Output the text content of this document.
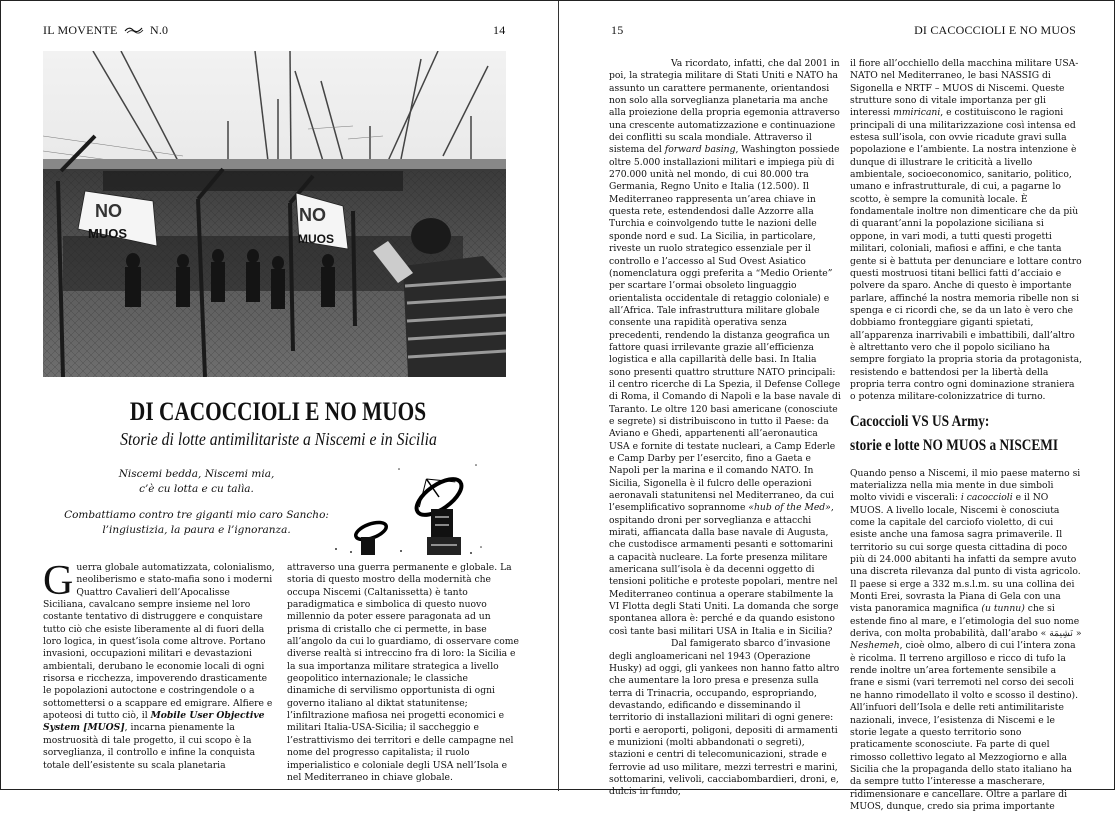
IL MOVENTE	N.0	14
NO
MUOS
NO
MUOS
DI CACOCCIOLI E NO MUOS
Storie di lotte antimilitariste a Niscemi e in Sicilia

Niscemi bedda, Niscemi mia,
c’è cu lotta e cu talìa.

Combattiamo contro tre giganti mio caro Sancho:
l’ingiustizia, la paura e l’ignoranza.

Guerra globale automatizzata, colonialismo, neoliberismo e stato-mafia sono i moderni Quattro Cavalieri dell’Apocalisse Siciliana, cavalcano sempre insieme nel loro costante tentativo di distruggere e conquistare tutto ciò che esiste liberamente al di fuori della loro logica, in quest’isola come altrove. Portano invasioni, occupazioni militari e devastazioni ambientali, derubano le economie locali di ogni risorsa e ricchezza, impoverendo drasticamente le popolazioni autoctone e costringendole o a sottomettersi o a scappare ed emigrare. Alfiere e apoteosi di tutto ciò, il Mobile User Objective System [MUOS], incarna pienamente la mostruosità di tale progetto, il cui scopo è la sorveglianza, il controllo e infine la conquista totale dell’esistente su scala planetaria

attraverso una guerra permanente e globale. La storia di questo mostro della modernità che occupa Niscemi (Caltanissetta) è tanto paradigmatica e simbolica di questo nuovo millennio da poter essere paragonata ad un prisma di cristallo che ci permette, in base all’angolo da cui lo guardiamo, di osservare come diverse realtà si intreccino fra di loro: la Sicilia e la sua importanza militare strategica a livello geopolitico internazionale; le classiche dinamiche di servilismo opportunista di ogni governo italiano al diktat statunitense; l’infiltrazione mafiosa nei progetti economici e militari Italia-USA-Sicilia; il saccheggio e l’estrattivismo dei territori e delle campagne nel nome del progresso capitalista; il ruolo imperialistico e coloniale degli USA nell’Isola e nel Mediterraneo in chiave globale.

15	DI CACOCCIOLI E NO MUOS

Va ricordato, infatti, che dal 2001 in poi, la strategia militare di Stati Uniti e NATO ha assunto un carattere permanente, orientandosi non solo alla sorveglianza planetaria ma anche alla proiezione della propria egemonia attraverso una crescente automatizzazione e continuazione dei conflitti su scala mondiale. Attraverso il sistema del forward basing, Washington possiede oltre 5.000 installazioni militari e impiega più di 270.000 unità nel mondo, di cui 80.000 tra Germania, Regno Unito e Italia (12.500). Il Mediterraneo rappresenta un’area chiave in questa rete, estendendosi dalle Azzorre alla Turchia e coinvolgendo tutte le nazioni delle sponde nord e sud. La Sicilia, in particolare, riveste un ruolo strategico essenziale per il controllo e l’accesso al Sud Ovest Asiatico (nomenclatura oggi preferita a “Medio Oriente” per scartare l’ormai obsoleto linguaggio orientalista occidentale di retaggio coloniale) e all’Africa. Tale infrastruttura militare globale consente una rapidità operativa senza precedenti, rendendo la distanza geografica un fattore quasi irrilevante grazie all’efficienza logistica e alla capillarità delle basi. In Italia sono presenti quattro strutture NATO principali: il centro ricerche di La Spezia, il Defense College di Roma, il Comando di Napoli e la base navale di Taranto. Le oltre 120 basi americane (conosciute e segrete) si distribuiscono in tutto il Paese: da Aviano e Ghedi, appartenenti all’aeronautica USA e fornite di testate nucleari, a Camp Ederle e Camp Darby per l’esercito, fino a Gaeta e Napoli per la marina e il comando NATO. In Sicilia, Sigonella è il fulcro delle operazioni aeronavali statunitensi nel Mediterraneo, da cui l’esemplificativo soprannome «hub of the Med», ospitando droni per sorveglianza e attacchi mirati, affiancata dalla base navale di Augusta, che custodisce armamenti pesanti e sottomarini a capacità nucleare. La forte presenza militare americana sull’isola è da decenni oggetto di tensioni politiche e proteste popolari, mentre nel Mediterraneo continua a operare stabilmente la VI Flotta degli Stati Uniti. La domanda che sorge spontanea allora è: perché e da quando esistono così tante basi militari USA in Italia e in Sicilia?

Dal famigerato sbarco d’invasione degli angloamericani nel 1943 (Operazione Husky) ad oggi, gli yankees non hanno fatto altro che aumentare la loro presa e presenza sulla terra di Trinacria, occupando, espropriando, devastando, edificando e disseminando il territorio di installazioni militari di ogni genere: porti e aeroporti, poligoni, depositi di armamenti e munizioni (molti abbandonati o segreti), stazioni e centri di telecomunicazioni, strade e ferrovie ad uso militare, mezzi terrestri e marini, sottomarini, velivoli, cacciabombardieri, droni, e, dulcis in fundo,

il fiore all’occhiello della macchina militare USA-NATO nel Mediterraneo, le basi NASSIG di Sigonella e NRTF – MUOS di Niscemi. Queste strutture sono di vitale importanza per gli interessi mmiricani, e costituiscono le ragioni principali di una militarizzazione così intensa ed estesa sull’isola, con ovvie ricadute gravi sulla popolazione e l’ambiente. La nostra intenzione è dunque di illustrare le criticità a livello ambientale, socioeconomico, sanitario, politico, umano e infrastrutturale, di cui, a pagarne lo scotto, è sempre la comunità locale. È fondamentale inoltre non dimenticare che da più di quarant’anni la popolazione siciliana si oppone, in vari modi, a tutti questi progetti militari, coloniali, mafiosi e affini, e che tanta gente si è battuta per denunciare e lottare contro questi mostruosi titani bellici fatti d’acciaio e polvere da sparo. Anche di questo è importante parlare, affinché la nostra memoria ribelle non si spenga e ci ricordi che, se da un lato è vero che dobbiamo fronteggiare giganti spietati, all’apparenza inarrivabili e imbattibili, dall’altro è altrettanto vero che il popolo siciliano ha sempre forgiato la propria storia da protagonista, resistendo e battendosi per la libertà della propria terra contro ogni dominazione straniera o potenza militare-colonizzatrice di turno.

Cacoccioli VS US Army:
storie e lotte NO MUOS a NISCEMI

Quando penso a Niscemi, il mio paese materno si materializza nella mia mente in due simboli molto vividi e viscerali: i cacoccioli e il NO MUOS. A livello locale, Niscemi è conosciuta come la capitale del carciofo violetto, di cui esiste anche una famosa sagra primaverile. Il territorio su cui sorge questa cittadina di poco più di 24.000 abitanti ha infatti da sempre avuto una discreta rilevanza dal punto di vista agricolo. Il paese si erge a 332 m.s.l.m. su una collina dei Monti Erei, sovrasta la Piana di Gela con una vista panoramica magnifica (u tunnu) che si estende fino al mare, e l’etimologia del suo nome deriva, con molta probabilità, dall’arabo « نَشِيمَة » Neshemeh, cioè olmo, albero di cui l’intera zona è ricolma. Il terreno argilloso e ricco di tufo la rende inoltre un’area fortemente sensibile a frane e sismi (vari terremoti nel corso dei secoli ne hanno rimodellato il volto e scosso il destino). All’infuori dell’Isola e delle reti antimilitariste nazionali, invece, l’esistenza di Niscemi e le storie legate a questo territorio sono praticamente sconosciute. Fa parte di quel rimosso collettivo legato al Mezzogiorno e alla Sicilia che la propaganda dello stato italiano ha da sempre tutto l’interesse a mascherare, ridimensionare e cancellare. Oltre a parlare di MUOS, dunque, credo sia prima importante
